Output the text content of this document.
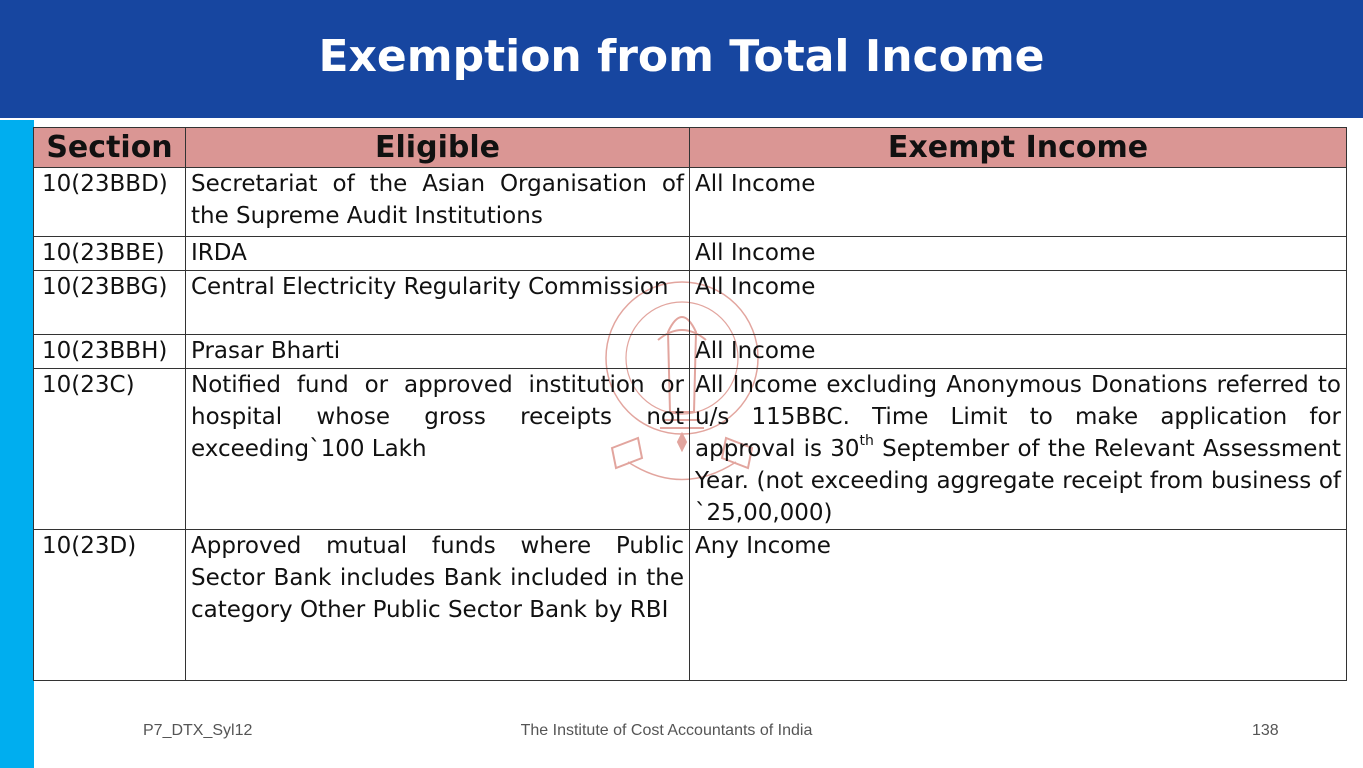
Exemption from Total Income
Section	Eligible	Exempt Income
10(23BBD)	Secretariat of the Asian Organisation of the Supreme Audit Institutions	All Income
10(23BBE)	IRDA	All Income
10(23BBG)	Central Electricity Regularity Commission	All Income
10(23BBH)	Prasar Bharti	All Income
10(23C)	Notified fund or approved institution or hospital whose gross receipts not exceeding`100 Lakh	All Income excluding Anonymous Donations referred to u/s 115BBC. Time Limit to make application for approval is 30th September of the Relevant Assessment Year. (not exceeding aggregate receipt from business of `25,00,000)
10(23D)	Approved mutual funds where Public Sector Bank includes Bank included in the category Other Public Sector Bank by RBI	Any Income
P7_DTX_Syl12	The Institute of Cost Accountants of India	138
